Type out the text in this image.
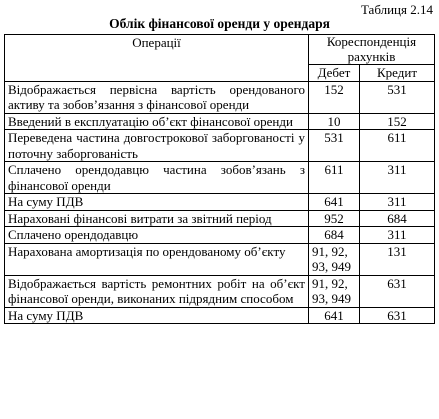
Таблиця 2.14
Облік фінансової оренди у орендаря
Операції	Кореспонденція рахунків	
	Дебет	Кредит
Відображається первісна вартість орендованого активу та зобов’язання з фінансової оренди	152	531
Введений в експлуатацію об’єкт фінансової оренди	10	152
Переведена частина довгострокової заборгованості у поточну заборгованість	531	611
Сплачено орендодавцю частина зобов’язань з фінансової оренди	611	311
На суму ПДВ	641	311
Нараховані фінансові витрати за звітний період	952	684
Сплачено орендодавцю	684	311
Нарахована амортизація по орендованому об’єкту	91, 92, 93, 949	131
Відображається вартість ремонтних робіт на об’єкт фінансової оренди, виконаних підрядним способом	91, 92, 93, 949	631
На суму ПДВ	641	631
